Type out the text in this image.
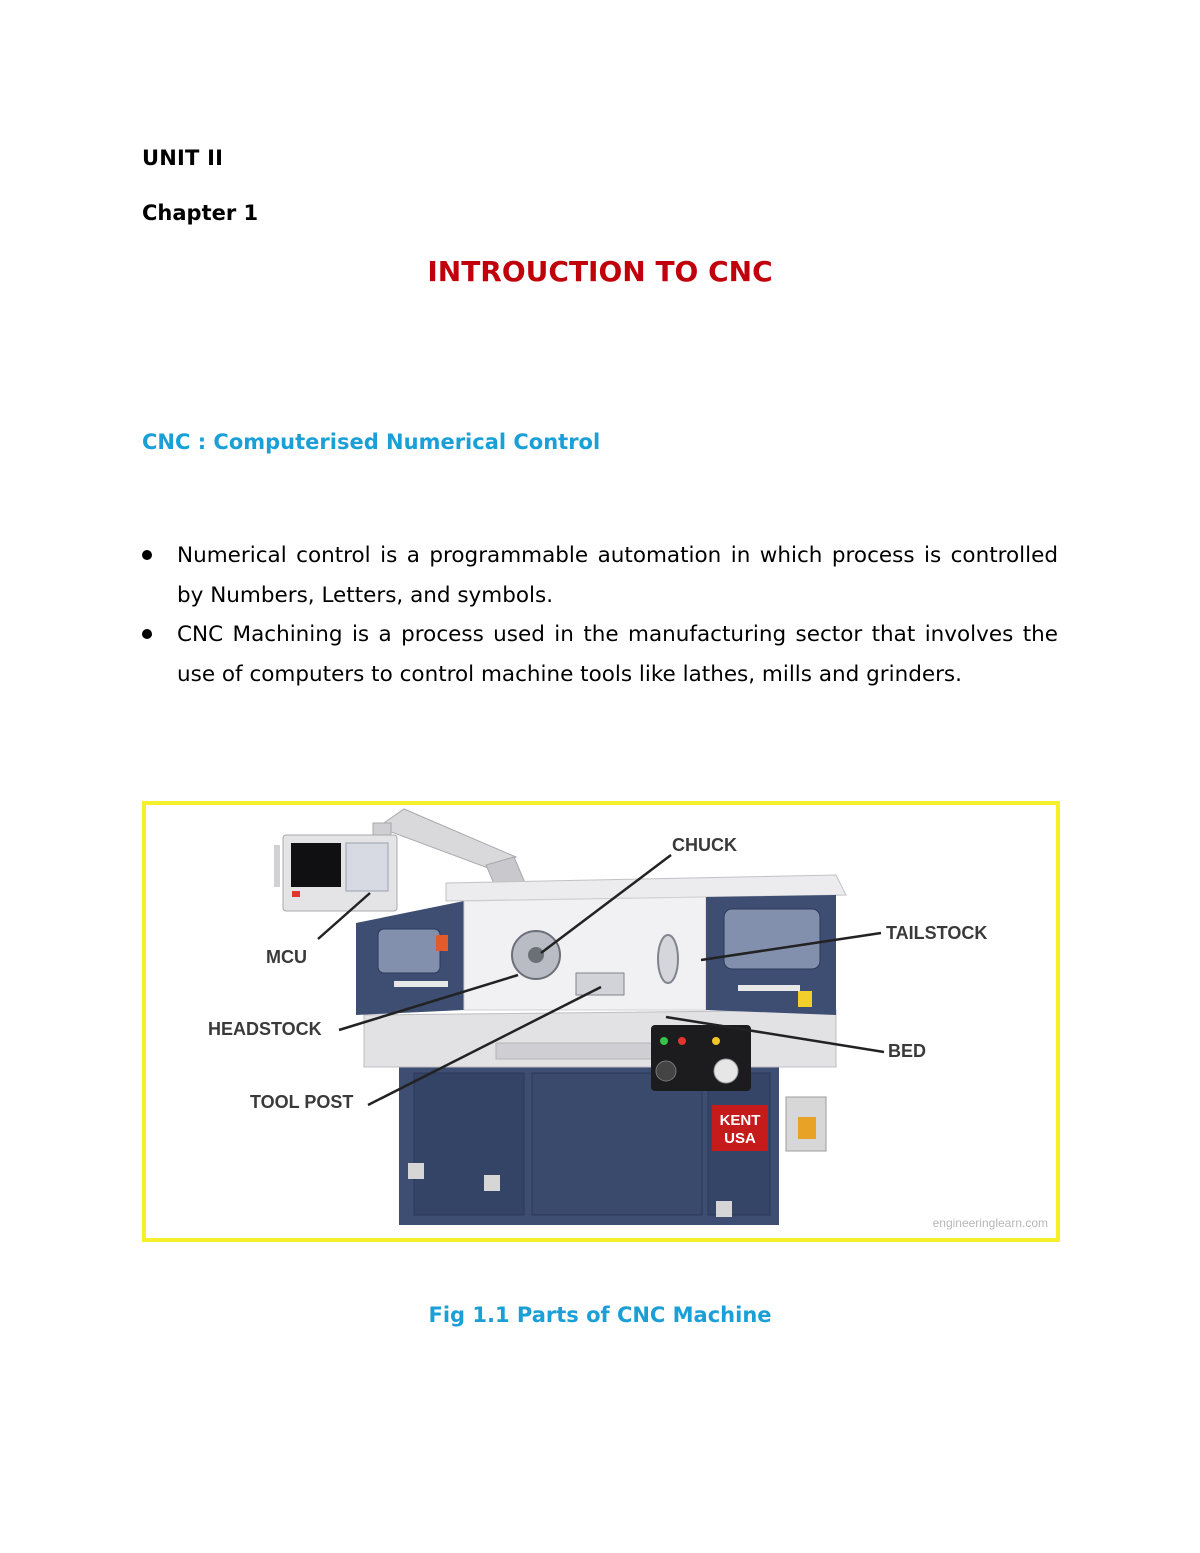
UNIT II
Chapter 1
INTROUCTION TO CNC
CNC : Computerised Numerical Control
Numerical control is a programmable automation in which process is controlled by Numbers, Letters, and symbols.
CNC Machining is a process used in the manufacturing sector that involves the use of computers to control machine tools like lathes, mills and grinders.
KENT
USA
CHUCK
TAILSTOCK
MCU
HEADSTOCK
BED
TOOL POST
engineeringlearn.com
Fig 1.1 Parts of CNC Machine
